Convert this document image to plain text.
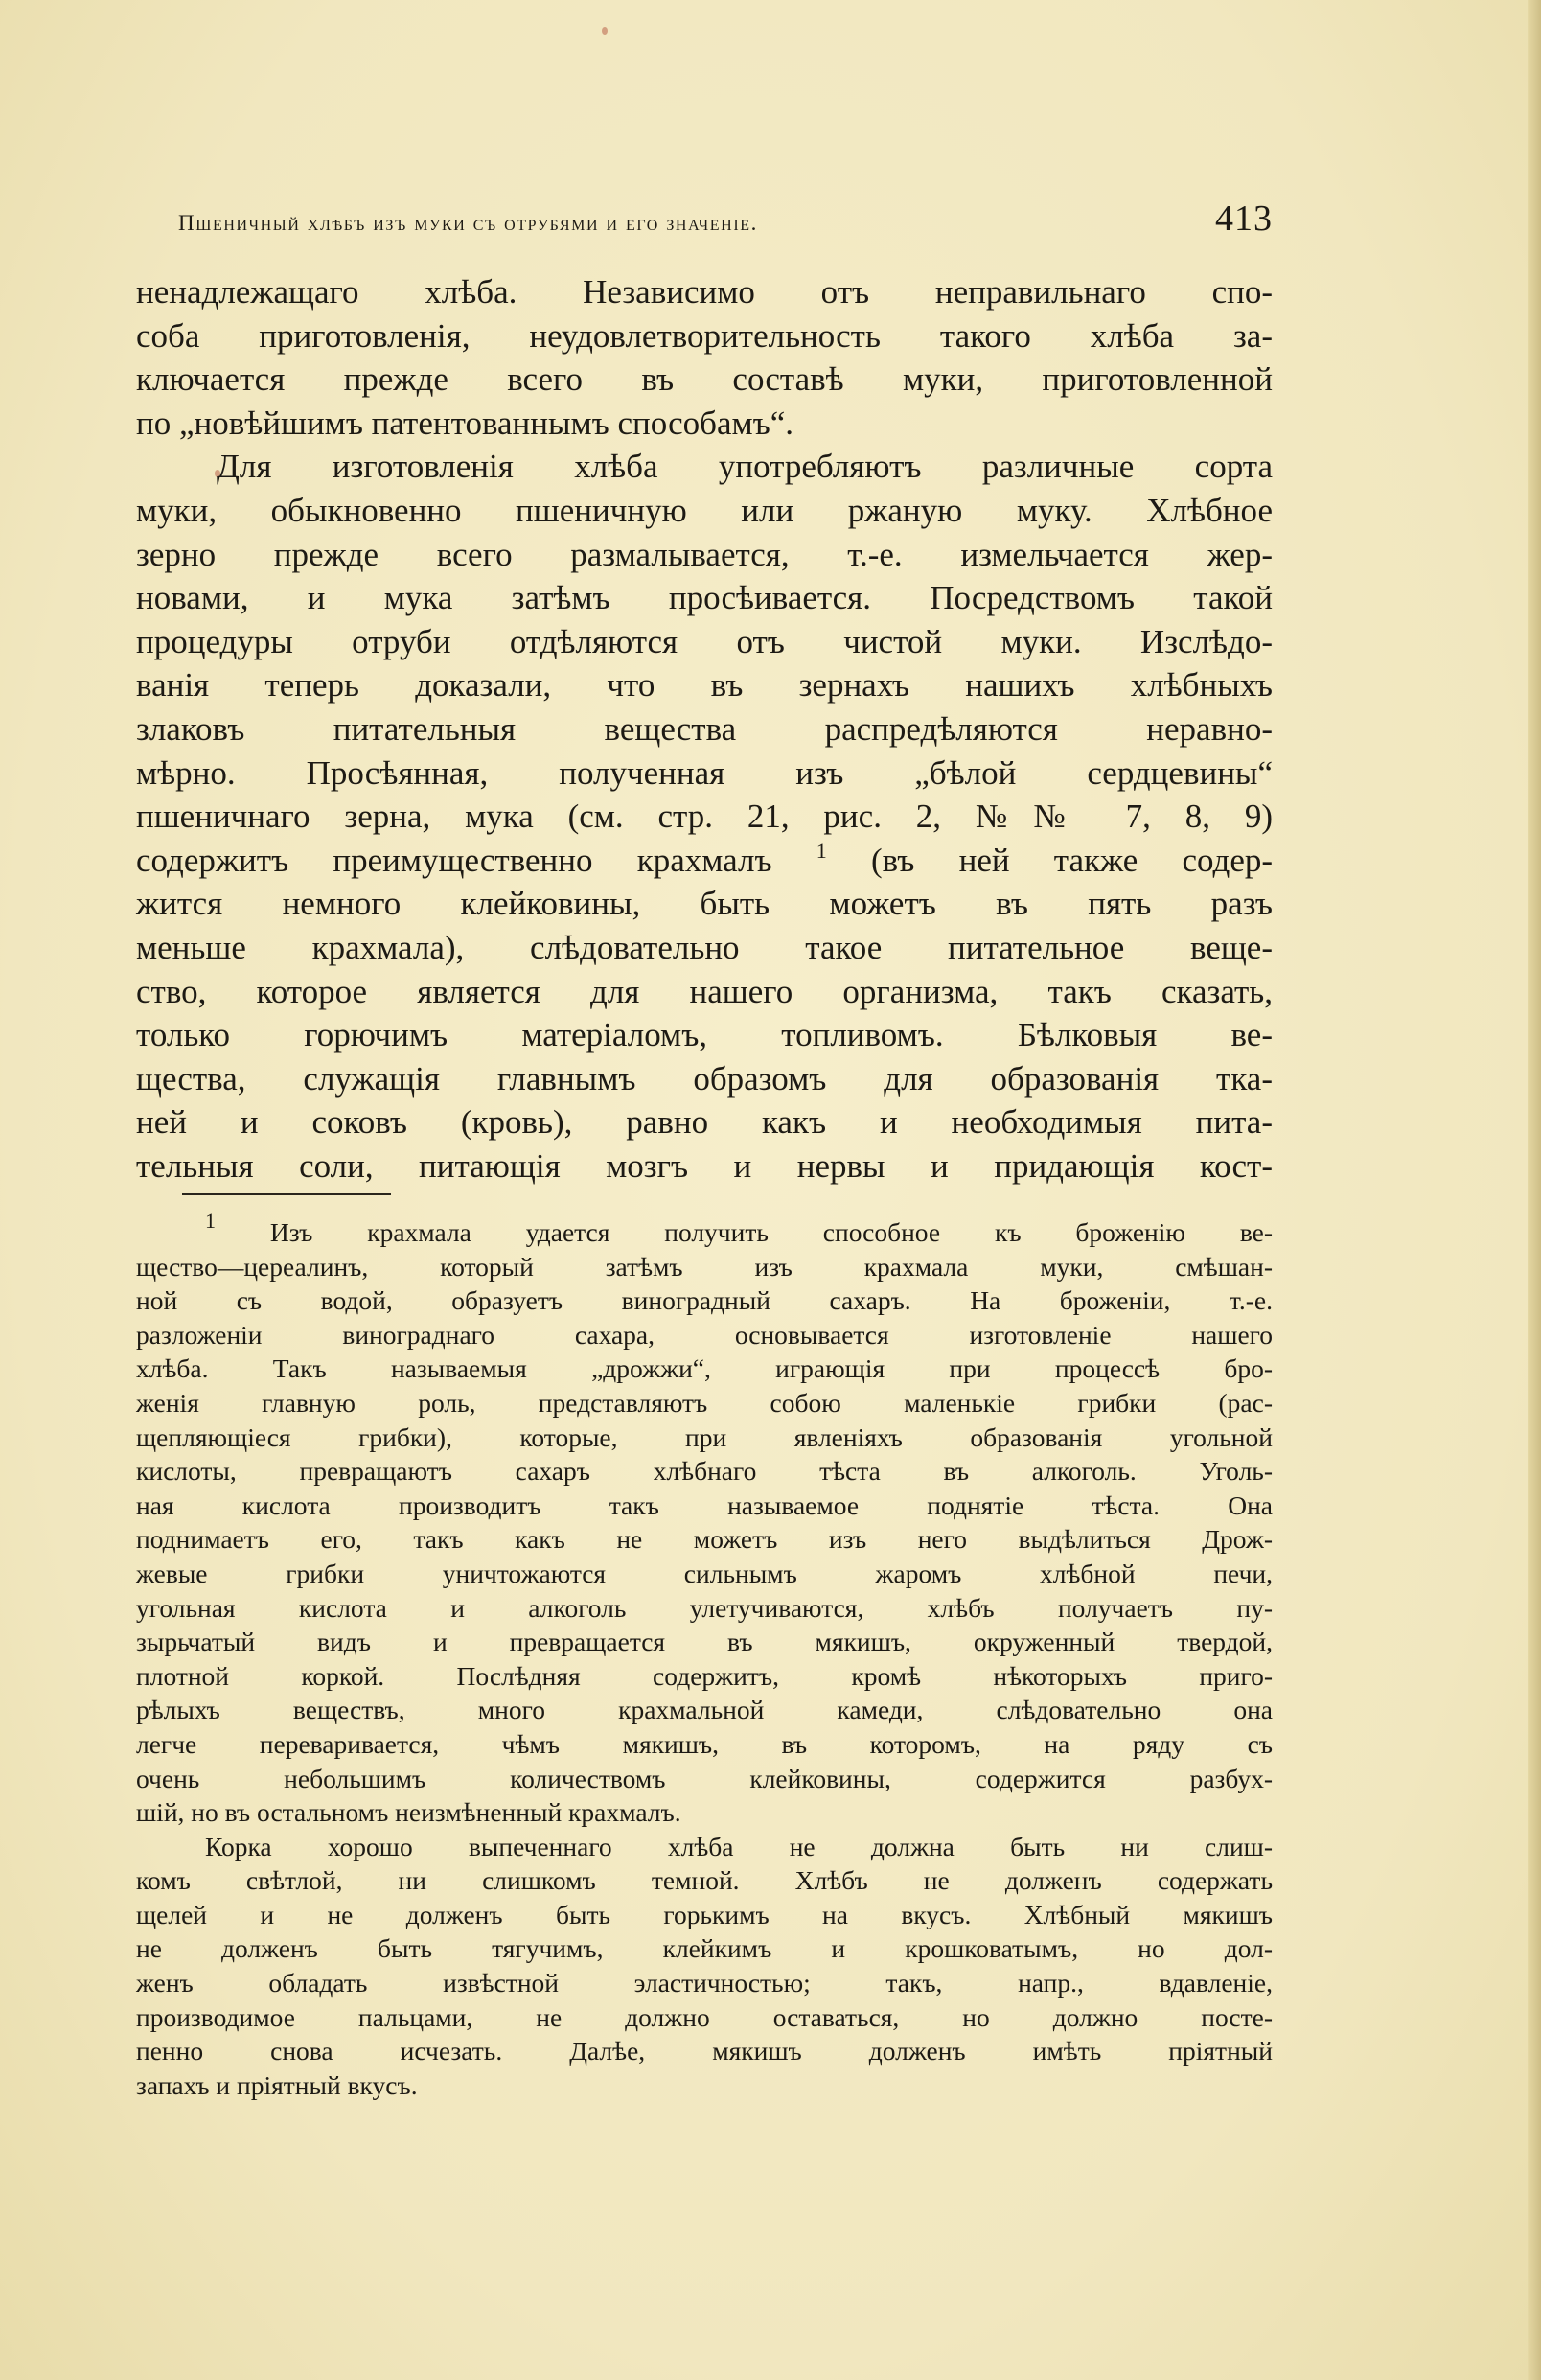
Пшеничный хлѣбъ изъ муки съ отрубями и его значеніе.	413

ненадлежащаго хлѣба. Независимо отъ неправильнаго спо-

соба приготовленія, неудовлетворительность такого хлѣба за-

ключается прежде всего въ составѣ муки, приготовленной

по „новѣйшимъ патентованнымъ способамъ“.

Для изготовленія хлѣба употребляютъ различные сорта

муки, обыкновенно пшеничную или ржаную муку. Хлѣбное

зерно прежде всего размалывается, т.-е. измельчается жер-

новами, и мука затѣмъ просѣивается. Посредствомъ такой

процедуры отруби отдѣляются отъ чистой муки. Изслѣдо-

ванія теперь доказали, что въ зернахъ нашихъ хлѣбныхъ

злаковъ питательныя вещества распредѣляются неравно-

мѣрно. Просѣянная, полученная изъ „бѣлой сердцевины“

пшеничнаго зерна, мука (см. стр. 21, рис. 2, №№ 7, 8, 9)

содержитъ преимущественно крахмалъ $^1$ (въ ней также содер-

жится немного клейковины, быть можетъ въ пять разъ

меньше крахмала), слѣдовательно такое питательное веще-

ство, которое является для нашего организма, такъ сказать,

только горючимъ матеріаломъ, топливомъ. Бѣлковыя ве-

щества, служащія главнымъ образомъ для образованія тка-

ней и соковъ (кровь), равно какъ и необходимыя пита-

тельныя соли, питающія мозгъ и нервы и придающія кост-

$^1$ Изъ крахмала удается получить способное къ броженію ве-

щество—цереалинъ, который затѣмъ изъ крахмала муки, смѣшан-

ной съ водой, образуетъ виноградный сахаръ. На броженіи, т.-е.

разложеніи винограднаго сахара, основывается изготовленіе нашего

хлѣба. Такъ называемыя „дрожжи“, играющія при процессѣ бро-

женія главную роль, представляютъ собою маленькіе грибки (рас-

щепляющіеся грибки), которые, при явленіяхъ образованія угольной

кислоты, превращаютъ сахаръ хлѣбнаго тѣста въ алкоголь. Уголь-

ная кислота производитъ такъ называемое поднятіе тѣста. Она

поднимаетъ его, такъ какъ не можетъ изъ него выдѣлиться Дрож-

жевые грибки уничтожаются сильнымъ жаромъ хлѣбной печи,

угольная кислота и алкоголь улетучиваются, хлѣбъ получаетъ пу-

зырьчатый видъ и превращается въ мякишъ, окруженный твердой,

плотной коркой. Послѣдняя содержитъ, кромѣ нѣкоторыхъ приго-

рѣлыхъ веществъ, много крахмальной камеди, слѣдовательно она

легче переваривается, чѣмъ мякишъ, въ которомъ, на ряду съ

очень небольшимъ количествомъ клейковины, содержится разбух-

шій, но въ остальномъ неизмѣненный крахмалъ.

Корка хорошо выпеченнаго хлѣба не должна быть ни слиш-

комъ свѣтлой, ни слишкомъ темной. Хлѣбъ не долженъ содержать

щелей и не долженъ быть горькимъ на вкусъ. Хлѣбный мякишъ

не долженъ быть тягучимъ, клейкимъ и крошковатымъ, но дол-

женъ обладать извѣстной эластичностью; такъ, напр., вдавленіе,

производимое пальцами, не должно оставаться, но должно посте-

пенно снова исчезать. Далѣе, мякишъ долженъ имѣть пріятный

запахъ и пріятный вкусъ.
